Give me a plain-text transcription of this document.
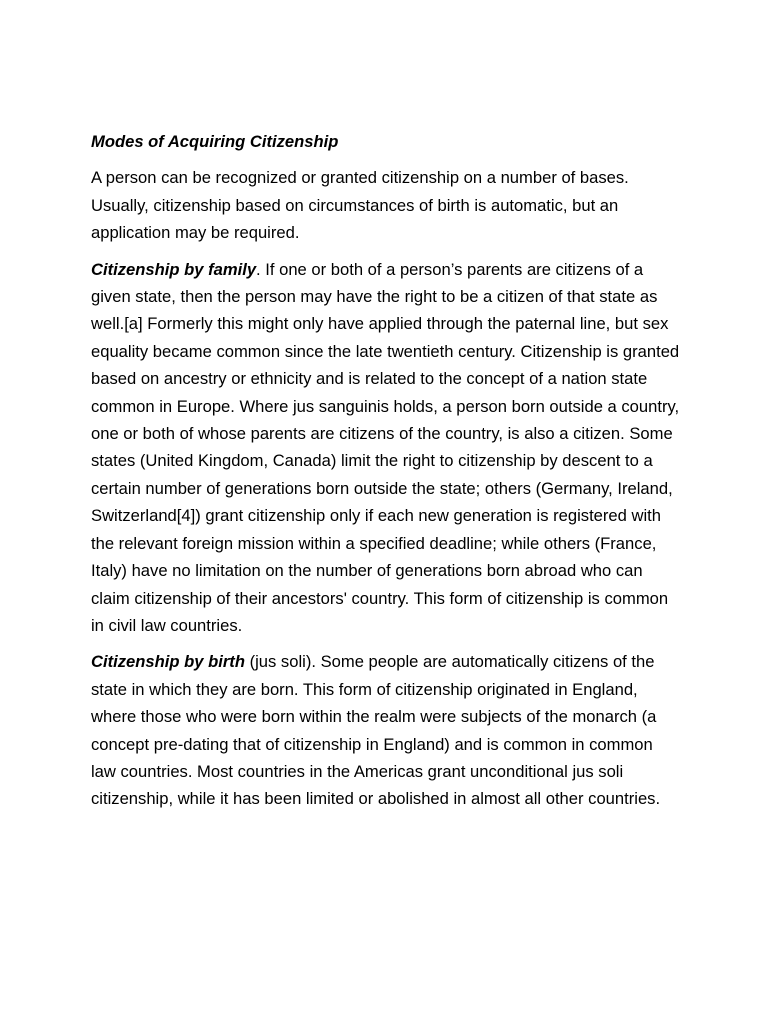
Modes of Acquiring Citizenship

A person can be recognized or granted citizenship on a number of bases. Usually, citizenship based on circumstances of birth is automatic, but an application may be required.

Citizenship by family. If one or both of a person’s parents are citizens of a given state, then the person may have the right to be a citizen of that state as well.[a] Formerly this might only have applied through the paternal line, but sex equality became common since the late twentieth century. Citizenship is granted based on ancestry or ethnicity and is related to the concept of a nation state common in Europe. Where jus sanguinis holds, a person born outside a country, one or both of whose parents are citizens of the country, is also a citizen. Some states (United Kingdom, Canada) limit the right to citizenship by descent to a certain number of generations born outside the state; others (Germany, Ireland, Switzerland[4]) grant citizenship only if each new generation is registered with the relevant foreign mission within a specified deadline; while others (France, Italy) have no limitation on the number of generations born abroad who can claim citizenship of their ancestors' country. This form of citizenship is common in civil law countries.

Citizenship by birth (jus soli). Some people are automatically citizens of the state in which they are born. This form of citizenship originated in England, where those who were born within the realm were subjects of the monarch (a concept pre-dating that of citizenship in England) and is common in common law countries. Most countries in the Americas grant unconditional jus soli citizenship, while it has been limited or abolished in almost all other countries.
